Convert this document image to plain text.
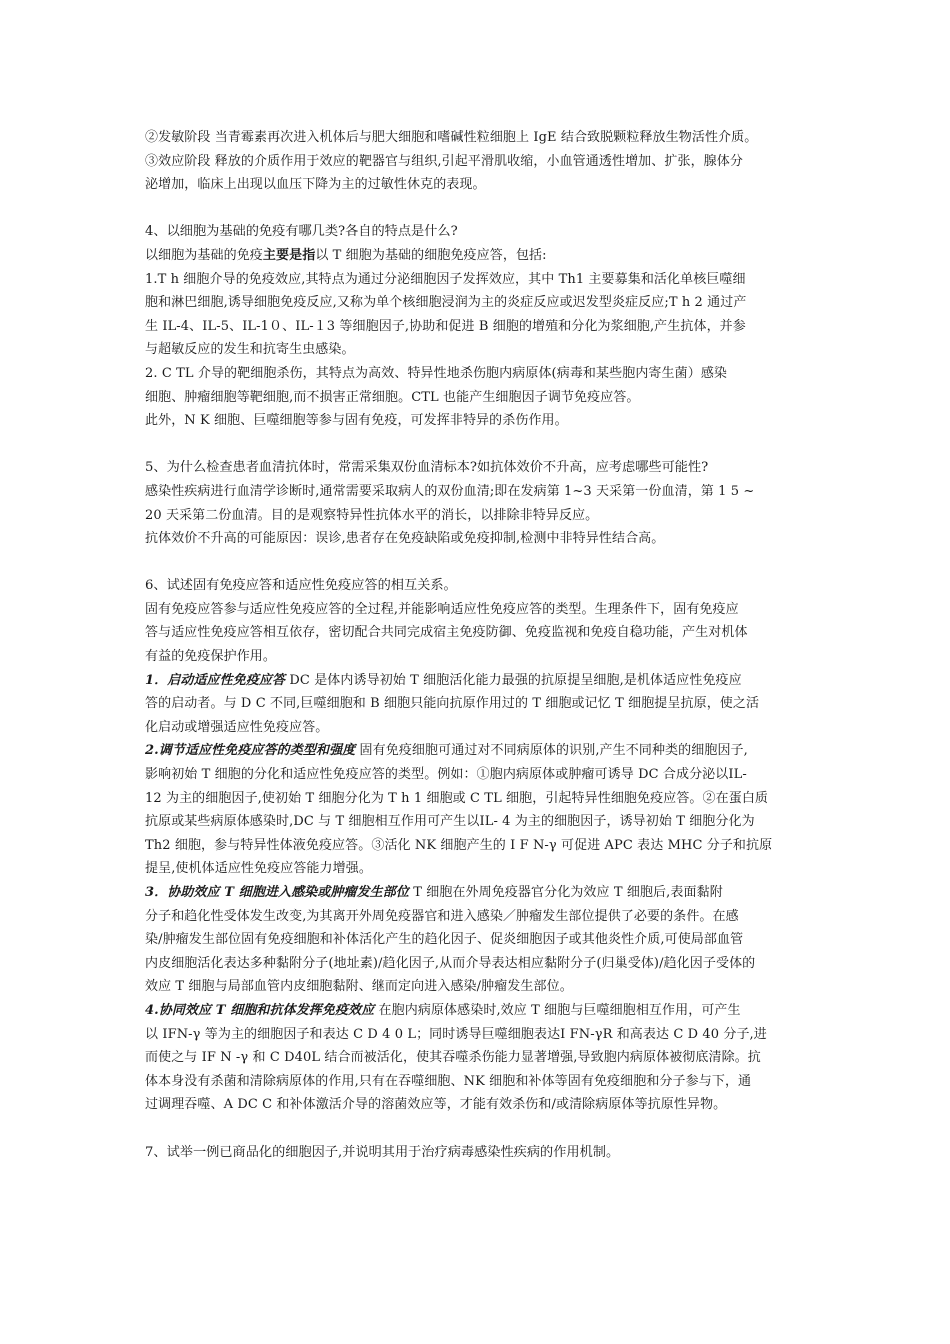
②发敏阶段 当青霉素再次进入机体后与肥大细胞和嗜碱性粒细胞上 IgE 结合致脱颗粒释放生物活性介质。
③效应阶段 释放的介质作用于效应的靶器官与组织,引起平滑肌收缩，小血管通透性增加、扩张，腺体分
泌增加，临床上出现以血压下降为主的过敏性休克的表现。
4、以细胞为基础的免疫有哪几类?各自的特点是什么?
以细胞为基础的免疫主要是指以 T 细胞为基础的细胞免疫应答，包括:
1.T h 细胞介导的免疫效应,其特点为通过分泌细胞因子发挥效应，其中 Th1 主要募集和活化单核巨噬细
胞和淋巴细胞,诱导细胞免疫反应,又称为单个核细胞浸润为主的炎症反应或迟发型炎症反应;T h 2 通过产
生 IL-4、ⅠL-5、IL-1０、IL-１3 等细胞因子,协助和促进 B 细胞的增殖和分化为浆细胞,产生抗体，并参
与超敏反应的发生和抗寄生虫感染。
2. C TL 介导的靶细胞杀伤，其特点为高效、特异性地杀伤胞内病原体(病毒和某些胞内寄生菌）感染
细胞、肿瘤细胞等靶细胞,而不损害正常细胞。CTL 也能产生细胞因子调节免疫应答。
此外，N K 细胞、巨噬细胞等参与固有免疫，可发挥非特异的杀伤作用。
5、为什么检查患者血清抗体时，常需采集双份血清标本?如抗体效价不升高，应考虑哪些可能性?
感染性疾病进行血清学诊断时,通常需要采取病人的双份血清;即在发病第 1~3 天采第一份血清，第 1 5 ~
20 天采第二份血清。目的是观察特异性抗体水平的消长，以排除非特异反应。
抗体效价不升高的可能原因：误诊,患者存在免疫缺陷或免疫抑制,检测中非特异性结合高。
6、试述固有免疫应答和适应性免疫应答的相互关系。
固有免疫应答参与适应性免疫应答的全过程,并能影响适应性免疫应答的类型。生理条件下，固有免疫应
答与适应性免疫应答相互依存，密切配合共同完成宿主免疫防御、免疫监视和免疫自稳功能，产生对机体
有益的免疫保护作用。
1．启动适应性免疫应答 DC 是体内诱导初始 T 细胞活化能力最强的抗原提呈细胞,是机体适应性免疫应
答的启动者。与 D C 不同,巨噬细胞和 B 细胞只能向抗原作用过的 T 细胞或记忆 T 细胞提呈抗原，使之活
化启动或增强适应性免疫应答。
2.调节适应性免疫应答的类型和强度 固有免疫细胞可通过对不同病原体的识别,产生不同种类的细胞因子,
影响初始 T 细胞的分化和适应性免疫应答的类型。例如：①胞内病原体或肿瘤可诱导 DC 合成分泌以ⅠL-
12 为主的细胞因子,使初始 T 细胞分化为 T h 1 细胞或 C TL 细胞，引起特异性细胞免疫应答。②在蛋白质
抗原或某些病原体感染时,DC 与 T 细胞相互作用可产生以ⅠL- 4 为主的细胞因子，诱导初始 T 细胞分化为
Th2 细胞，参与特异性体液免疫应答。③活化 NK 细胞产生的 I F N-γ 可促进 APC 表达 MHC 分子和抗原
提呈,使机体适应性免疫应答能力增强。
3．协助效应 T 细胞进入感染或肿瘤发生部位 T 细胞在外周免疫器官分化为效应 T 细胞后,表面黏附
分子和趋化性受体发生改变,为其离开外周免疫器官和进入感染／肿瘤发生部位提供了必要的条件。在感
染/肿瘤发生部位固有免疫细胞和补体活化产生的趋化因子、促炎细胞因子或其他炎性介质,可使局部血管
内皮细胞活化表达多种黏附分子(地址素)/趋化因子,从而介导表达相应黏附分子(归巢受体)/趋化因子受体的
效应 T 细胞与局部血管内皮细胞黏附、继而定向进入感染/肿瘤发生部位。
4.协同效应 T 细胞和抗体发挥免疫效应 在胞内病原体感染时,效应 T 细胞与巨噬细胞相互作用，可产生
以 IFN-γ 等为主的细胞因子和表达 C D 4 0 L；同时诱导巨噬细胞表达Ⅰ FN-γR 和高表达 C D 40 分子,进
而使之与 IF N -γ 和 C D40L 结合而被活化，使其吞噬杀伤能力显著增强,导致胞内病原体被彻底清除。抗
体本身没有杀菌和清除病原体的作用,只有在吞噬细胞、NK 细胞和补体等固有免疫细胞和分子参与下，通
过调理吞噬、A DC C 和补体激活介导的溶菌效应等，才能有效杀伤和/或清除病原体等抗原性异物。
7、试举一例已商品化的细胞因子,并说明其用于治疗病毒感染性疾病的作用机制。
